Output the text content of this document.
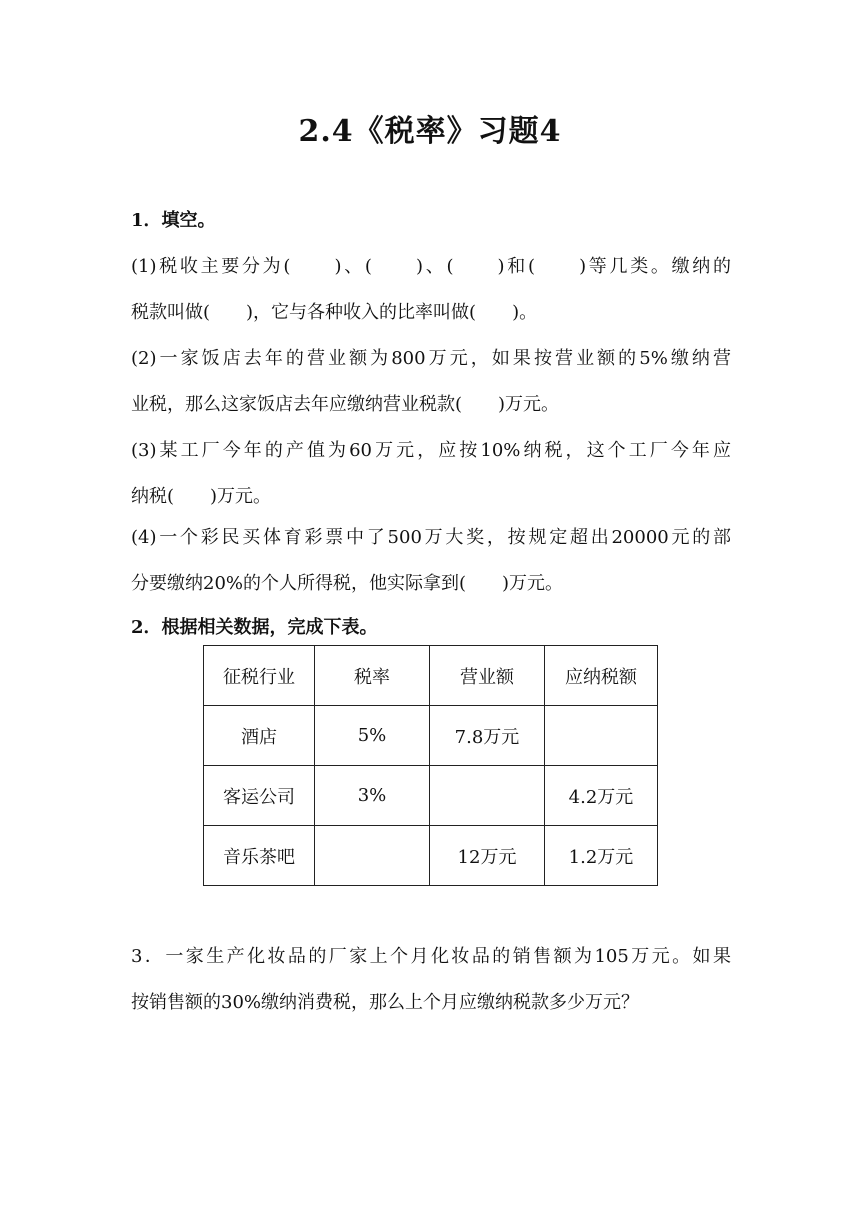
2.4《税率》习题4
1．填空。
(1)税收主要分为(　　)、(　　)、(　　)和(　　)等几类。缴纳的
税款叫做(　　)，它与各种收入的比率叫做(　　)。
(2)一家饭店去年的营业额为800万元，如果按营业额的5%缴纳营
业税，那么这家饭店去年应缴纳营业税款(　　)万元。
(3)某工厂今年的产值为60万元，应按10%纳税，这个工厂今年应
纳税(　　)万元。
(4)一个彩民买体育彩票中了500万大奖，按规定超出20000元的部
分要缴纳20%的个人所得税，他实际拿到(　　)万元。
2．根据相关数据，完成下表。
征税行业	税率	营业额	应纳税额
酒店	5%	7.8万元	
客运公司	3%		4.2万元
音乐茶吧		12万元	1.2万元
3．一家生产化妆品的厂家上个月化妆品的销售额为105万元。如果
按销售额的30%缴纳消费税，那么上个月应缴纳税款多少万元？
